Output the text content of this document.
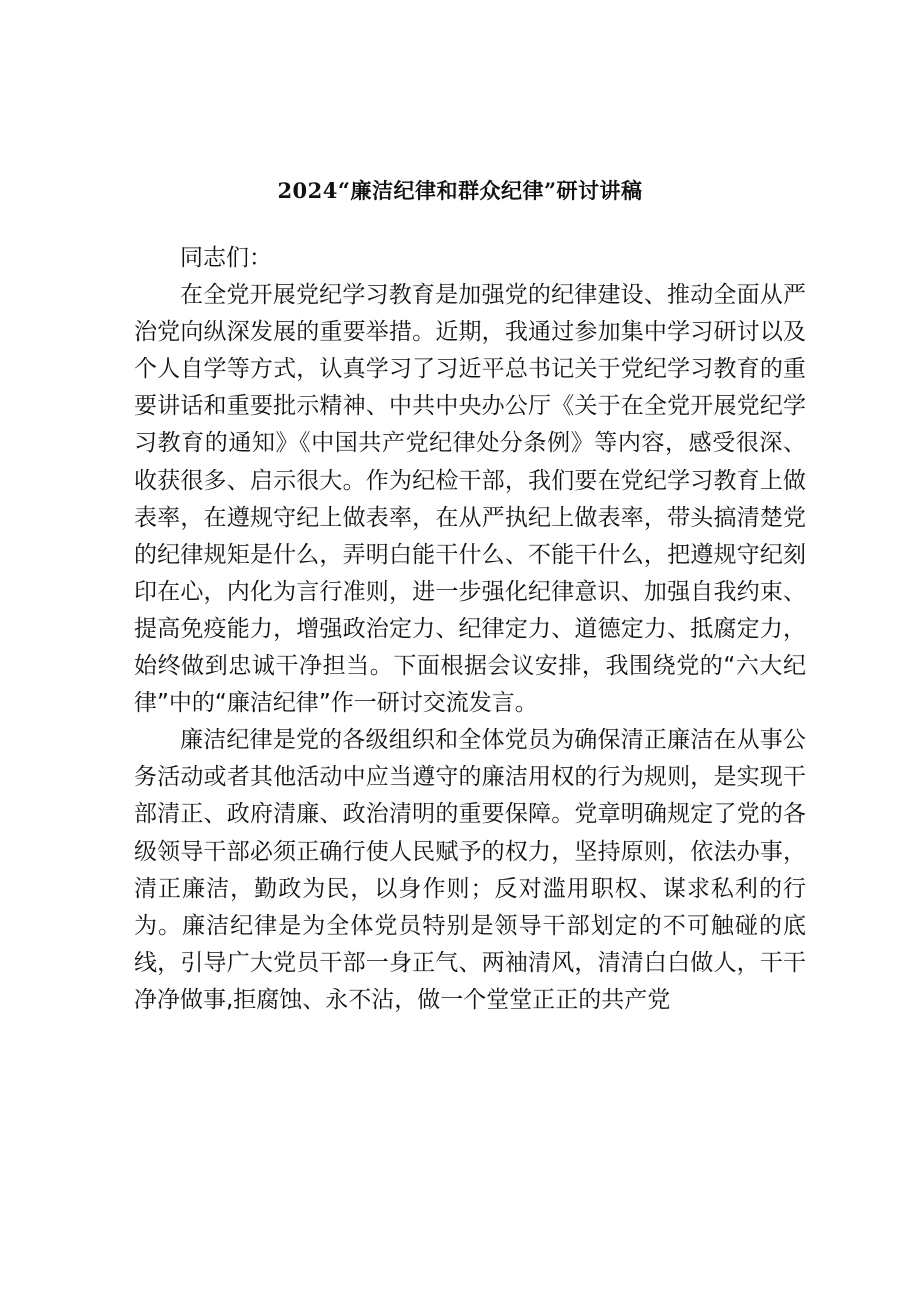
2024“廉洁纪律和群众纪律”研讨讲稿

同志们：

在全党开展党纪学习教育是加强党的纪律建设、推动全面从严治党向纵深发展的重要举措。近期，我通过参加集中学习研讨以及个人自学等方式，认真学习了习近平总书记关于党纪学习教育的重要讲话和重要批示精神、中共中央办公厅《关于在全党开展党纪学习教育的通知》《中国共产党纪律处分条例》等内容，感受很深、收获很多、启示很大。作为纪检干部，我们要在党纪学习教育上做表率，在遵规守纪上做表率，在从严执纪上做表率，带头搞清楚党的纪律规矩是什么，弄明白能干什么、不能干什么，把遵规守纪刻印在心，内化为言行准则，进一步强化纪律意识、加强自我约束、提高免疫能力，增强政治定力、纪律定力、道德定力、抵腐定力，始终做到忠诚干净担当。下面根据会议安排，我围绕党的“六大纪律”中的“廉洁纪律”作一研讨交流发言。

廉洁纪律是党的各级组织和全体党员为确保清正廉洁在从事公务活动或者其他活动中应当遵守的廉洁用权的行为规则，是实现干部清正、政府清廉、政治清明的重要保障。党章明确规定了党的各级领导干部必须正确行使人民赋予的权力，坚持原则，依法办事，清正廉洁，勤政为民，以身作则；反对滥用职权、谋求私利的行为。廉洁纪律是为全体党员特别是领导干部划定的不可触碰的底线，引导广大党员干部一身正气、两袖清风，清清白白做人，干干净净做事,拒腐蚀、永不沾，做一个堂堂正正的共产党
